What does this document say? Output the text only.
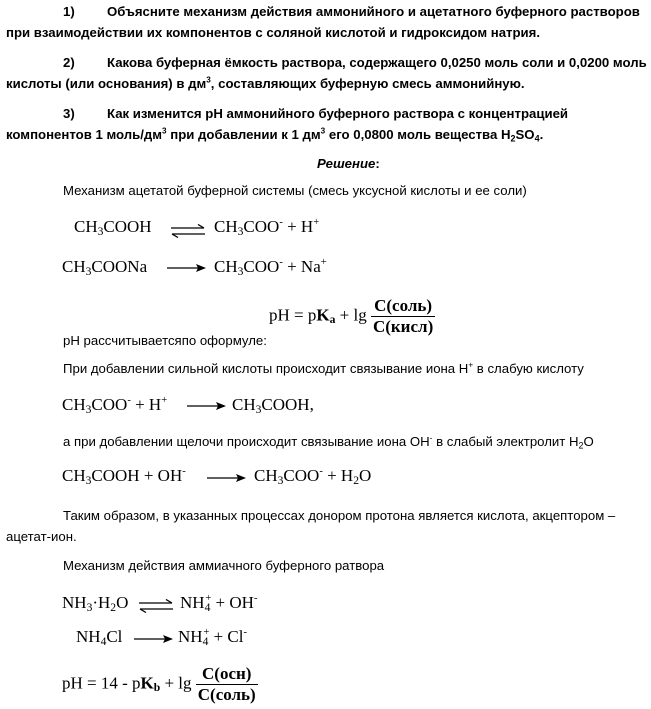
1) Объясните механизм действия аммонийного и ацетатного буферного растворов
при взаимодействии их компонентов с соляной кислотой и гидроксидом натрия.
2) Какова буферная ёмкость раствора, содержащего 0,0250 моль соли и 0,0200 моль
кислоты (или основания) в $дм^3$, составляющих буферную смесь аммонийную.
3) Как изменится pH аммонийного буферного раствора с концентрацией
компонентов 1 моль/$дм^3$ при добавлении к 1 $дм^3$ его 0,0800 моль вещества $H_2SO_4$.
Решение:
Механизм ацетатой буферной системы (смесь уксусной кислоты и ее соли)
$CH_3COOH$ ⇌ $CH_3COO^- + H^+$
$CH_3COONa$	$CH_3COO^- + Na^+$
pH = $pK_a + \lg \frac{\text{C(соль)}}{\text{C(кисл)}}$
pH рассчитываетсяпо оформуле:
При добавлении сильной кислоты происходит связывание иона H+ в слабую кислоту
$CH_3COO^- + H^+$	$CH_3COOH$,
а при добавлении щелочи происходит связывание иона OH- в слабый электролит $H_2O$
$CH_3COOH + OH^-$	$CH_3COO^- + H_2O$
Таким образом, в указанных процессах донором протона является кислота, акцептором –
ацетат-ион.
Механизм действия аммиачного буферного ратвора
$NH_3\cdot H_2O$ ⇌ $NH_4^+ + OH^-$
$NH_4Cl$	$NH_4^+ + Cl^-$
pH = $14 - pK_b + \lg \frac{\text{C(осн)}}{\text{C(соль)}}$
